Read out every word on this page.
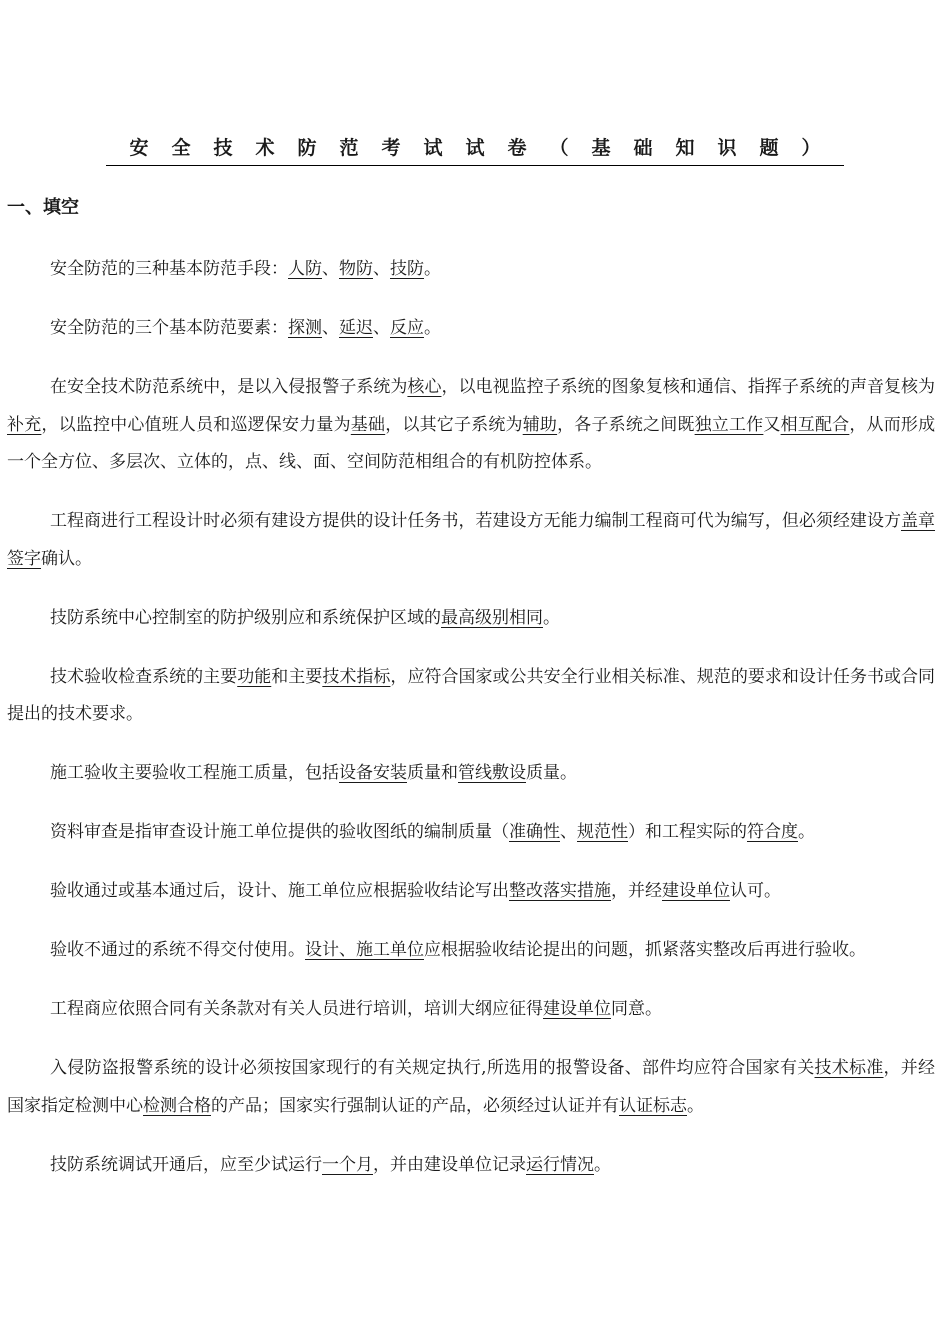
安全技术防范考试试卷（基础知识题）
一、填空
安全防范的三种基本防范手段：人防、物防、技防。
安全防范的三个基本防范要素：探测、延迟、反应。
在安全技术防范系统中，是以入侵报警子系统为核心，以电视监控子系统的图象复核和通信、指挥子系统的声音复核为补充，以监控中心值班人员和巡逻保安力量为基础，以其它子系统为辅助，各子系统之间既独立工作又相互配合，从而形成一个全方位、多层次、立体的，点、线、面、空间防范相组合的有机防控体系。
工程商进行工程设计时必须有建设方提供的设计任务书，若建设方无能力编制工程商可代为编写，但必须经建设方盖章签字确认。
技防系统中心控制室的防护级别应和系统保护区域的最高级别相同。
技术验收检查系统的主要功能和主要技术指标，应符合国家或公共安全行业相关标准、规范的要求和设计任务书或合同提出的技术要求。
施工验收主要验收工程施工质量，包括设备安装质量和管线敷设质量。
资料审查是指审查设计施工单位提供的验收图纸的编制质量（准确性、规范性）和工程实际的符合度。
验收通过或基本通过后，设计、施工单位应根据验收结论写出整改落实措施，并经建设单位认可。
验收不通过的系统不得交付使用。设计、施工单位应根据验收结论提出的问题，抓紧落实整改后再进行验收。
工程商应依照合同有关条款对有关人员进行培训，培训大纲应征得建设单位同意。
入侵防盗报警系统的设计必须按国家现行的有关规定执行,所选用的报警设备、部件均应符合国家有关技术标准，并经国家指定检测中心检测合格的产品；国家实行强制认证的产品，必须经过认证并有认证标志。
技防系统调试开通后，应至少试运行一个月，并由建设单位记录运行情况。
